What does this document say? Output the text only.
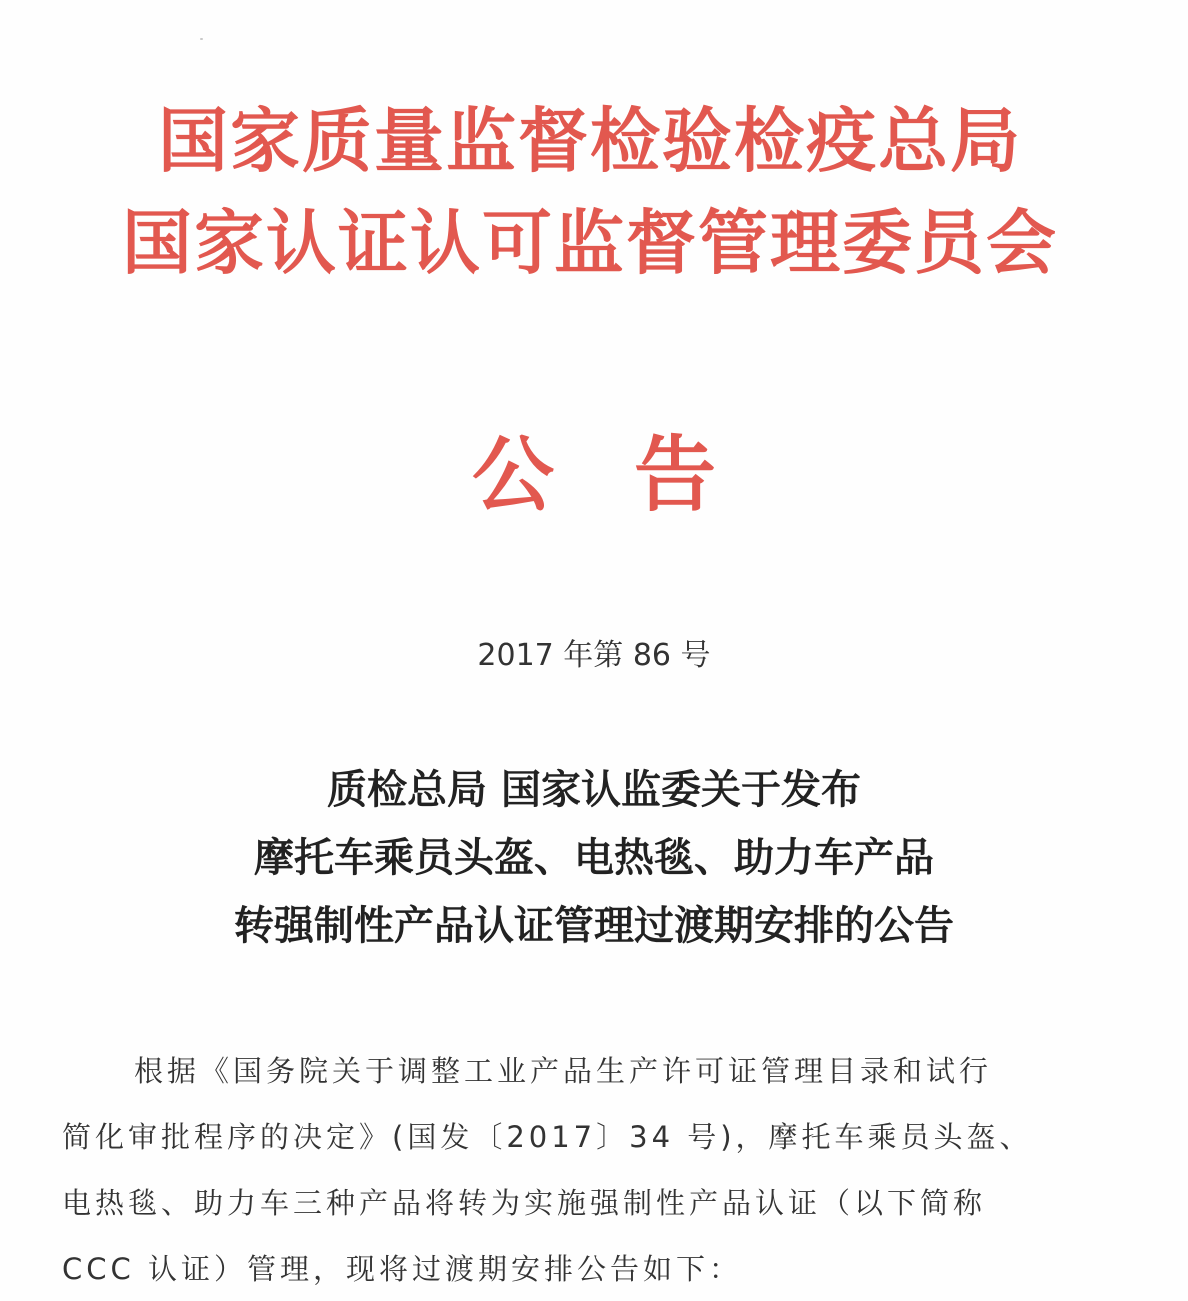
国家质量监督检验检疫总局
国家认证认可监督管理委员会
公告
2017 年第 86 号
质检总局 国家认监委关于发布
摩托车乘员头盔、电热毯、助力车产品
转强制性产品认证管理过渡期安排的公告
根据《国务院关于调整工业产品生产许可证管理目录和试行
简化审批程序的决定》(国发〔2017〕34 号)，摩托车乘员头盔、
电热毯、助力车三种产品将转为实施强制性产品认证（以下简称
CCC 认证）管理，现将过渡期安排公告如下：
